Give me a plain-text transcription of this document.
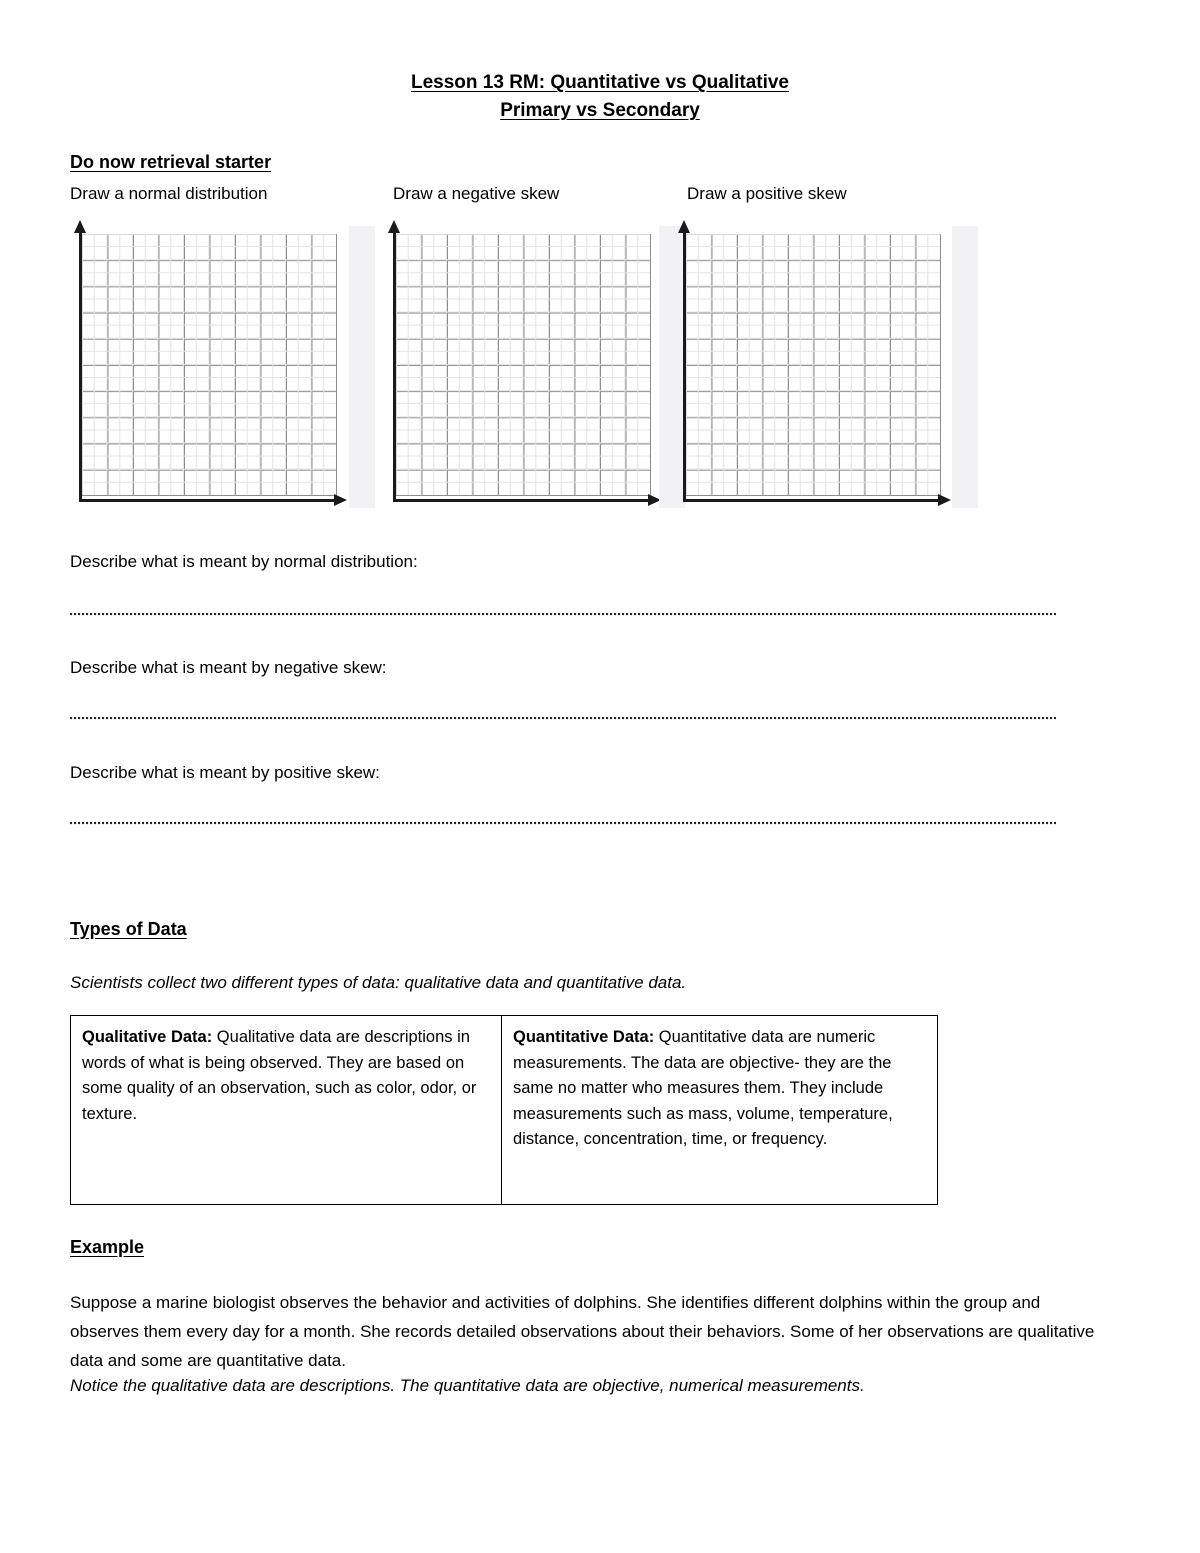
Lesson 13 RM: Quantitative vs Qualitative
Primary vs Secondary
Do now retrieval starter
Draw a normal distribution	Draw a negative skew	Draw a positive skew
Describe what is meant by normal distribution:
Describe what is meant by negative skew:
Describe what is meant by positive skew:
Types of Data
Scientists collect two different types of data: qualitative data and quantitative data.
Qualitative Data: Qualitative data are descriptions in words of what is being observed. They are based on some quality of an observation, such as color, odor, or texture.
Quantitative Data: Quantitative data are numeric measurements. The data are objective- they are the same no matter who measures them. They include measurements such as mass, volume, temperature, distance, concentration, time, or frequency.
Example
Suppose a marine biologist observes the behavior and activities of dolphins. She identifies different dolphins within the group and observes them every day for a month. She records detailed observations about their behaviors. Some of her observations are qualitative data and some are quantitative data.
Notice the qualitative data are descriptions. The quantitative data are objective, numerical measurements.
